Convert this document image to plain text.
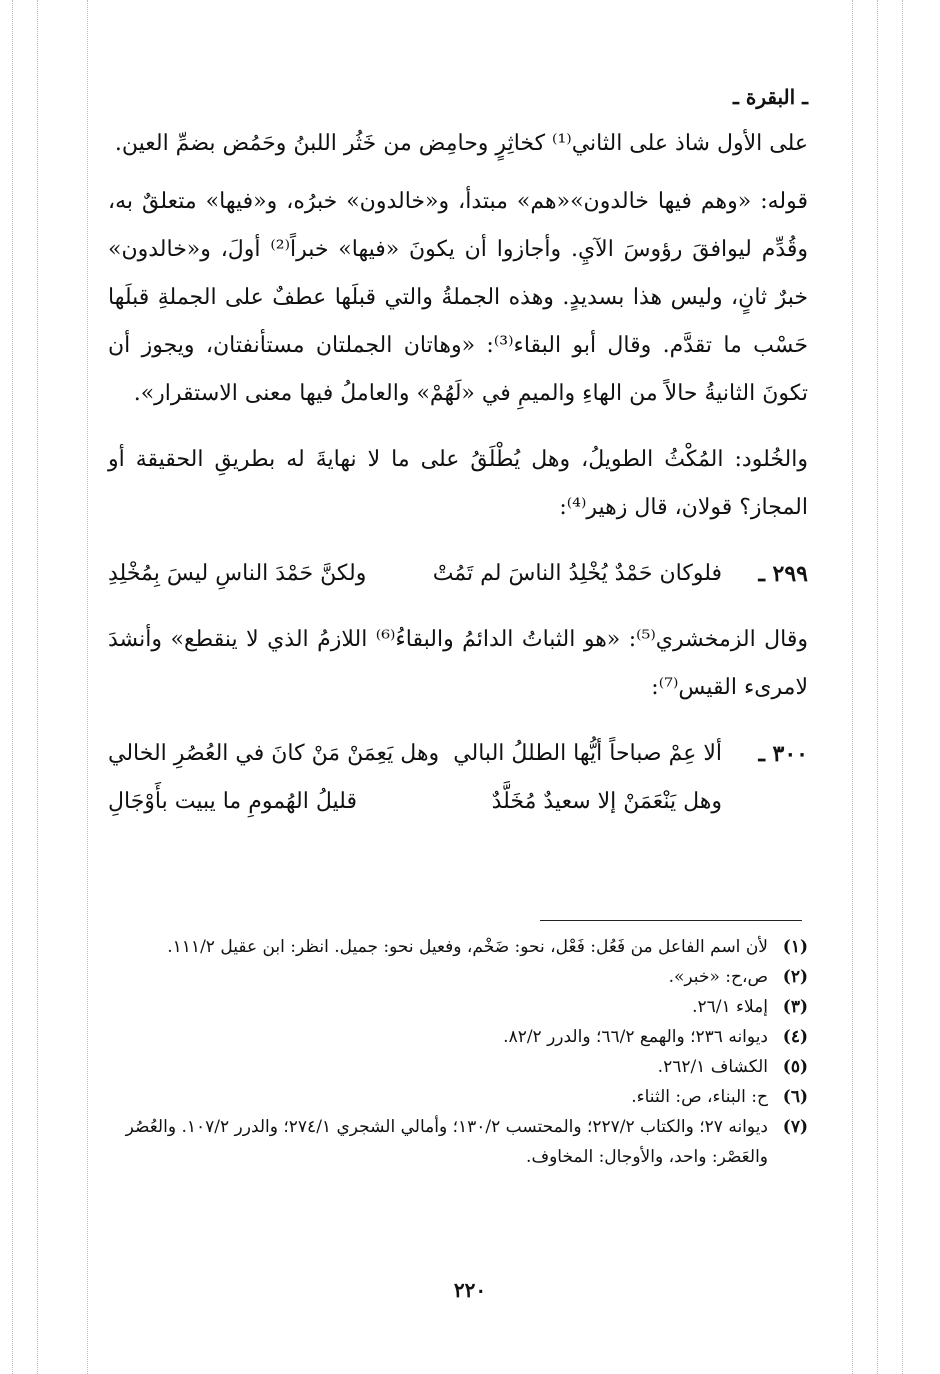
ـ البقرة ـ

على الأول شاذ على الثاني⁽¹⁾ كخاثِرٍ وحامِض من خَثُر اللبنُ وحَمُض بضمِّ العين.

قوله: «وهم فيها خالدون»«هم» مبتدأ، و«خالدون» خبرُه، و«فيها» متعلقٌ به، وقُدِّم ليوافقَ رؤوسَ الآيِ. وأجازوا أن يكونَ «فيها» خبراً⁽²⁾ أولَ، و«خالدون» خبرٌ ثانٍ، وليس هذا بسديدٍ. وهذه الجملةُ والتي قبلَها عطفٌ على الجملةِ قبلَها حَسْب ما تقدَّم. وقال أبو البقاء⁽³⁾: «وهاتان الجملتان مستأنفتان، ويجوز أن تكونَ الثانيةُ حالاً من الهاءِ والميمِ في «لَهُمْ» والعاملُ فيها معنى الاستقرار».

والخُلود: المُكْثُ الطويلُ، وهل يُطْلَقُ على ما لا نهايةَ له بطريقِ الحقيقة أو المجاز؟ قولان، قال زهير⁽⁴⁾:

٢٩٩ ـ
فلوكان حَمْدٌ يُخْلِدُ الناسَ لم تَمُتْ
ولكنَّ حَمْدَ الناسِ ليسَ بِمُخْلِدِ

وقال الزمخشري⁽⁵⁾: «هو الثباتُ الدائمُ والبقاءُ⁽⁶⁾ اللازمُ الذي لا ينقطع» وأنشدَ لامرىء القيس⁽⁷⁾:

٣٠٠ ـ
ألا عِمْ صباحاً أيُّها الطللُ البالي
وهل يَعِمَنْ مَنْ كانَ في العُصُرِ الخالي
وهل يَنْعَمَنْ إلا سعيدٌ مُخَلَّدٌ
قليلُ الهُمومِ ما يبيت بأَوْجَالِ
(١)
لأن اسم الفاعل من فَعُل: فَعْل، نحو: ضَخْم، وفعيل نحو: جميل. انظر: ابن عقيل ١١١/٢.
(٢)
ص،ح: «خبر».
(٣)
إملاء ٢٦/١.
(٤)
ديوانه ٢٣٦؛ والهمع ٦٦/٢؛ والدرر ٨٢/٢.
(٥)
الكشاف ٢٦٢/١.
(٦)
ح: البناء، ص: الثناء.
(٧)
ديوانه ٢٧؛ والكتاب ٢٢٧/٢؛ والمحتسب ١٣٠/٢؛ وأمالي الشجري ٢٧٤/١؛ والدرر ١٠٧/٢. والعُصُر والعَصْر: واحد، والأوجال: المخاوف.
٢٢٠
